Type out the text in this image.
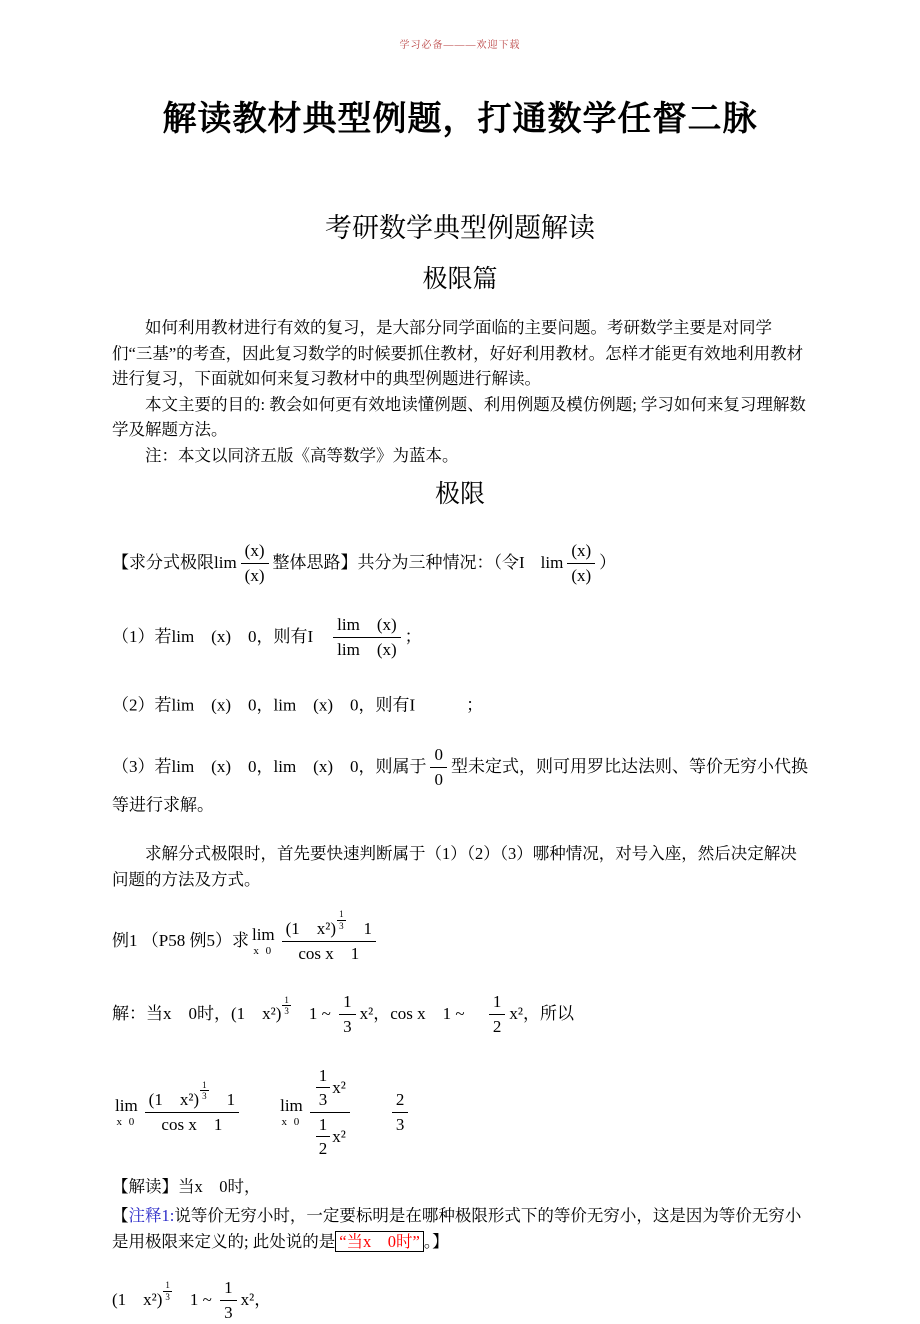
学习必备———欢迎下载
解读教材典型例题，打通数学任督二脉
考研数学典型例题解读
极限篇

如何利用教材进行有效的复习，是大部分同学面临的主要问题。考研数学主要是对同学们“三基”的考查，因此复习数学的时候要抓住教材，好好利用教材。怎样才能更有效地利用教材进行复习，下面就如何来复习教材中的典型例题进行解读。

本文主要的目的: 教会如何更有效地读懂例题、利用例题及模仿例题; 学习如何来复习理解数学及解题方法。

注：本文以同济五版《高等数学》为蓝本。

极限
【求分式极限$\lim \frac{(x)}{(x)}$ 整体思路】共分为三种情况：（令I $\lim \frac{(x)}{(x)}$ ）
（1）若lim　(x)　0，则有I $\frac{\lim (x)}{\lim (x)}$ ；
（2）若lim　(x)　0，lim　(x)　0，则有I　　　；
（3）若lim　(x)　0，lim　(x)　0，则属于 $\frac{0}{0}$ 型未定式，则可用罗比达法则、等价无穷小代换等进行求解。

求解分式极限时，首先要快速判断属于（1）（2）（3）哪种情况，对号入座，然后决定解决问题的方法及方式。

例1 （P58 例5）求 lim
x $0 \frac{(1 x^2) \frac{1}{3} 1}{\text{cos x　1}}$
解：当x　0时，(1　$x^2) \frac{1}{3}$ 　1 ~ $\frac{1}{3} x^2$，cos x　1 ~ $\frac{1}{2} x^2$，所以
lim
x $0 \frac{(1 x^2) \frac{1}{3} 1}{\text{cos x　1}}$ lim
x $0 \frac{\frac{1}{3} x^2}{\frac{1}{2} x^2} \frac{2}{3}$

【解读】当x　0时，

【注释1:说等价无穷小时，一定要标明是在哪种极限形式下的等价无穷小，这是因为等价无穷小是用极限来定义的; 此处说的是 “当x　0时” 。】

(1　$x^2) \frac{1}{3}$ 　1 ~ $\frac{1}{3} x^2$，
